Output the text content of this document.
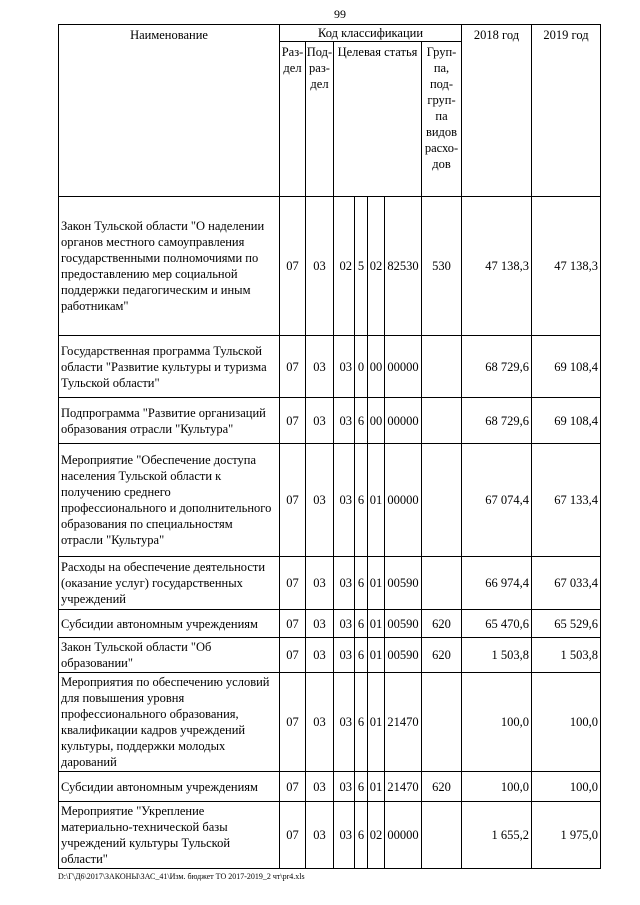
99
Наименование	Код классификации							2018 год	2019 год
	Раз-дел	Под-раз-дел	Целевая статья				Груп-па, под-груп-па видов расхо-дов		
Закон Тульской области "О наделении органов местного самоуправления государственными полномочиями по предоставлению мер социальной поддержки педагогическим и иным работникам"	07	03	02	5	02	82530	530	47 138,3	47 138,3
Государственная программа Тульской области "Развитие культуры и туризма Тульской области"	07	03	03	0	00	00000		68 729,6	69 108,4
Подпрограмма "Развитие организаций образования отрасли "Культура"	07	03	03	6	00	00000		68 729,6	69 108,4
Мероприятие "Обеспечение доступа населения Тульской области к получению среднего профессионального и дополнительного образования по специальностям отрасли "Культура"	07	03	03	6	01	00000		67 074,4	67 133,4
Расходы на обеспечение деятельности (оказание услуг) государственных учреждений	07	03	03	6	01	00590		66 974,4	67 033,4
Субсидии автономным учреждениям	07	03	03	6	01	00590	620	65 470,6	65 529,6
Закон Тульской области "Об образовании"	07	03	03	6	01	00590	620	1 503,8	1 503,8
Мероприятия по обеспечению условий для повышения уровня профессионального образования, квалификации кадров учреждений культуры, поддержки молодых дарований	07	03	03	6	01	21470		100,0	100,0
Субсидии автономным учреждениям	07	03	03	6	01	21470	620	100,0	100,0
Мероприятие "Укрепление материально-технической базы учреждений культуры Тульской области"	07	03	03	6	02	00000		1 655,2	1 975,0
D:\Г\Д6\2017\ЗАКОНЫ\ЗАС_41\Изм. бюджет ТО 2017-2019_2 чт\pr4.xls
